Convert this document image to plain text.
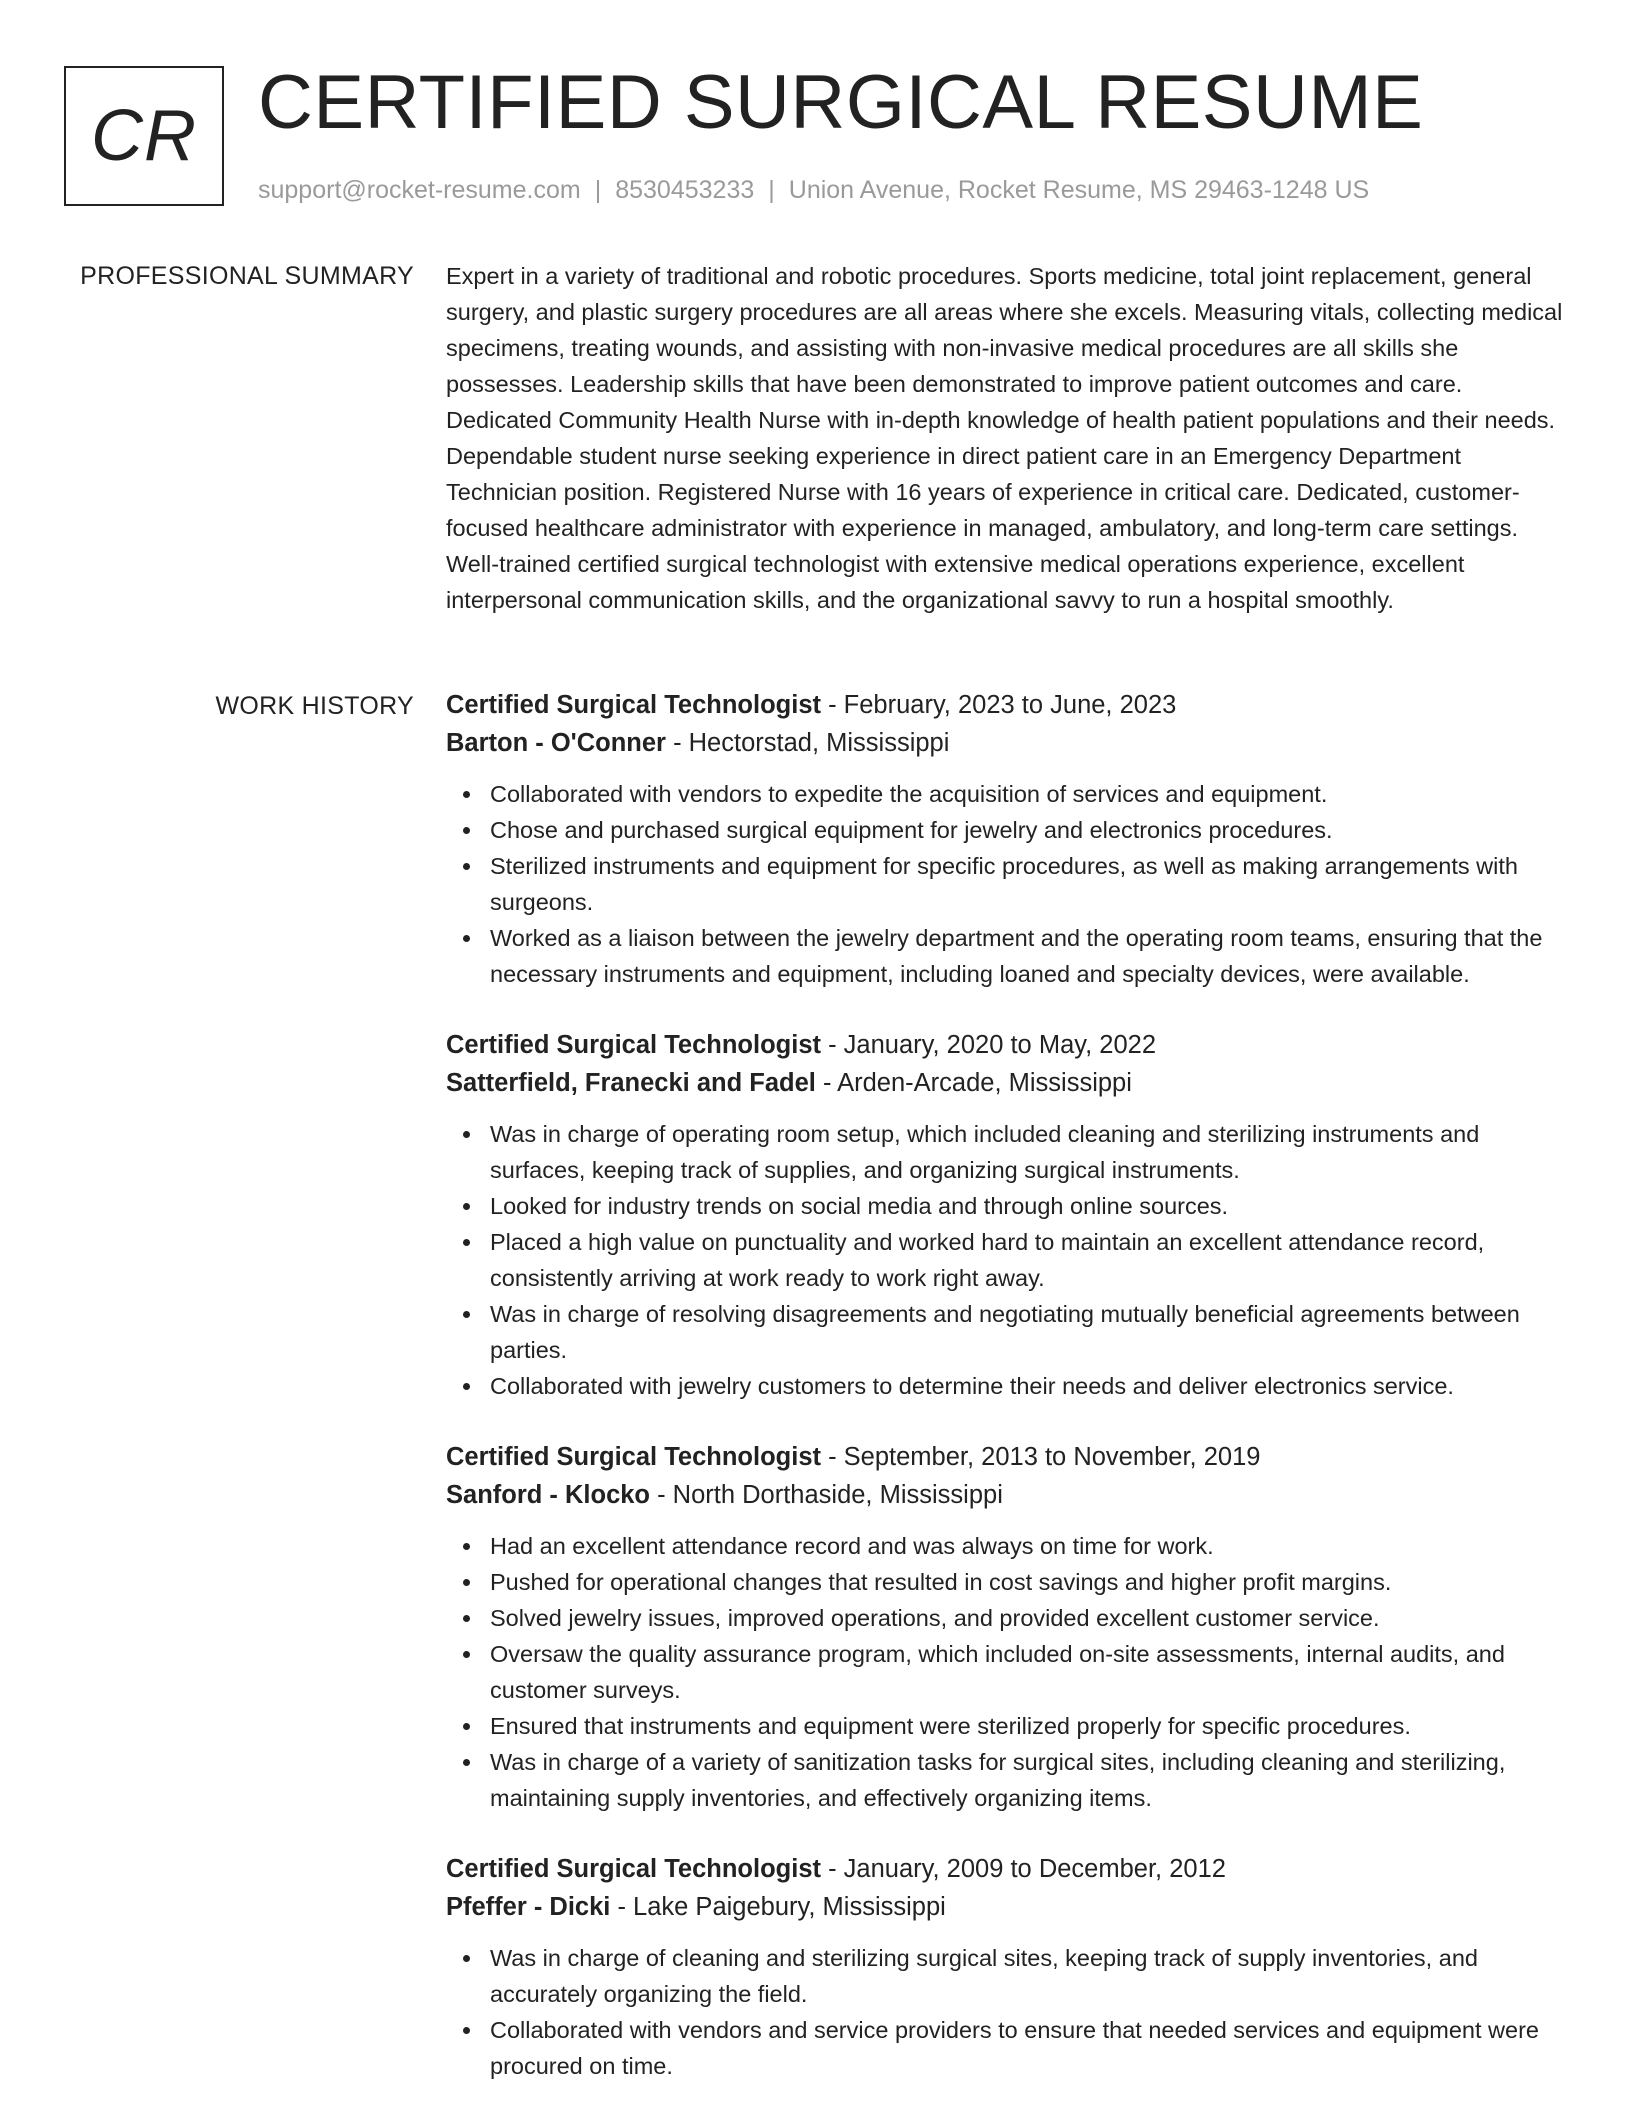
CR CERTIFIED SURGICAL RESUME
support@rocket-resume.com | 8530453233 | Union Avenue, Rocket Resume, MS 29463-1248 US
PROFESSIONAL SUMMARY Expert in a variety of traditional and robotic procedures. Sports medicine, total joint replacement, general surgery, and plastic surgery procedures are all areas where she excels. Measuring vitals, collecting medical specimens, treating wounds, and assisting with non-invasive medical procedures are all skills she possesses. Leadership skills that have been demonstrated to improve patient outcomes and care. Dedicated Community Health Nurse with in-depth knowledge of health patient populations and their needs. Dependable student nurse seeking experience in direct patient care in an Emergency Department Technician position. Registered Nurse with 16 years of experience in critical care. Dedicated, customer-focused healthcare administrator with experience in managed, ambulatory, and long-term care settings. Well-trained certified surgical technologist with extensive medical operations experience, excellent interpersonal communication skills, and the organizational savvy to run a hospital smoothly.

WORK HISTORY Certified Surgical Technologist - February, 2023 to June, 2023
Barton - O'Conner - Hectorstad, Mississippi
Collaborated with vendors to expedite the acquisition of services and equipment.
Chose and purchased surgical equipment for jewelry and electronics procedures.
Sterilized instruments and equipment for specific procedures, as well as making arrangements with surgeons.
Worked as a liaison between the jewelry department and the operating room teams, ensuring that the necessary instruments and equipment, including loaned and specialty devices, were available.
Certified Surgical Technologist - January, 2020 to May, 2022
Satterfield, Franecki and Fadel - Arden-Arcade, Mississippi
Was in charge of operating room setup, which included cleaning and sterilizing instruments and surfaces, keeping track of supplies, and organizing surgical instruments.
Looked for industry trends on social media and through online sources.
Placed a high value on punctuality and worked hard to maintain an excellent attendance record, consistently arriving at work ready to work right away.
Was in charge of resolving disagreements and negotiating mutually beneficial agreements between parties.
Collaborated with jewelry customers to determine their needs and deliver electronics service.
Certified Surgical Technologist - September, 2013 to November, 2019
Sanford - Klocko - North Dorthaside, Mississippi
Had an excellent attendance record and was always on time for work.
Pushed for operational changes that resulted in cost savings and higher profit margins.
Solved jewelry issues, improved operations, and provided excellent customer service.
Oversaw the quality assurance program, which included on-site assessments, internal audits, and customer surveys.
Ensured that instruments and equipment were sterilized properly for specific procedures.
Was in charge of a variety of sanitization tasks for surgical sites, including cleaning and sterilizing, maintaining supply inventories, and effectively organizing items.
Certified Surgical Technologist - January, 2009 to December, 2012
Pfeffer - Dicki - Lake Paigebury, Mississippi
Was in charge of cleaning and sterilizing surgical sites, keeping track of supply inventories, and accurately organizing the field.
Collaborated with vendors and service providers to ensure that needed services and equipment were procured on time.
